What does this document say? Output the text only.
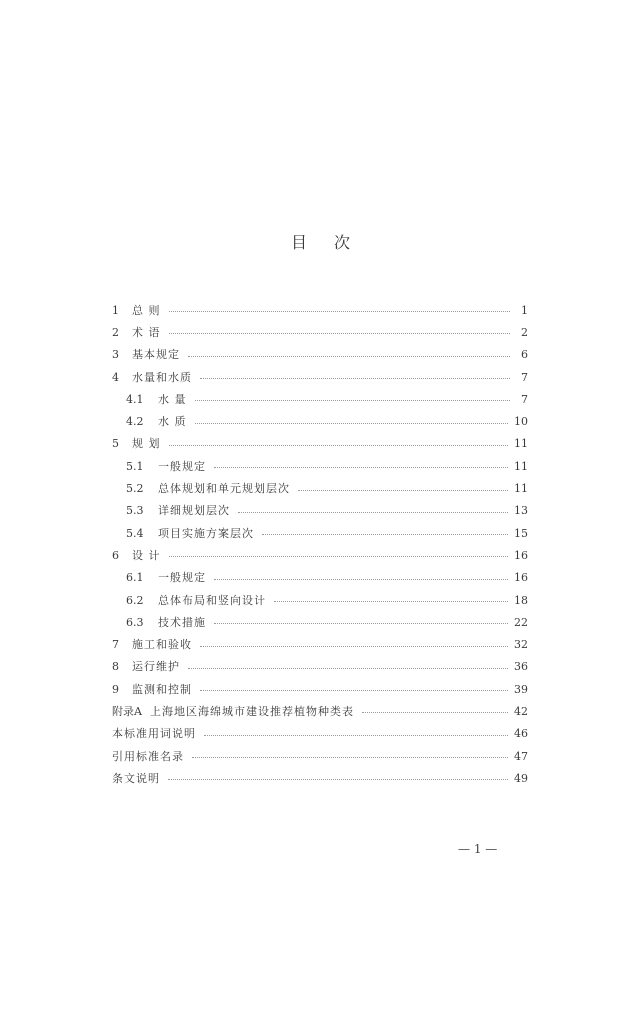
目 次
1	总 则	1
2	术 语	2
3	基本规定	6
4	水量和水质	7
4.1	水 量	7
4.2	水 质	10
5	规 划	11
5.1	一般规定	11
5.2	总体规划和单元规划层次	11
5.3	详细规划层次	13
5.4	项目实施方案层次	15
6	设 计	16
6.1	一般规定	16
6.2	总体布局和竖向设计	18
6.3	技术措施	22
7	施工和验收	32
8	运行维护	36
9	监测和控制	39
附录A 上海地区海绵城市建设推荐植物种类表	42
本标准用词说明	46
引用标准名录	47
条文说明	49
— 1 —
